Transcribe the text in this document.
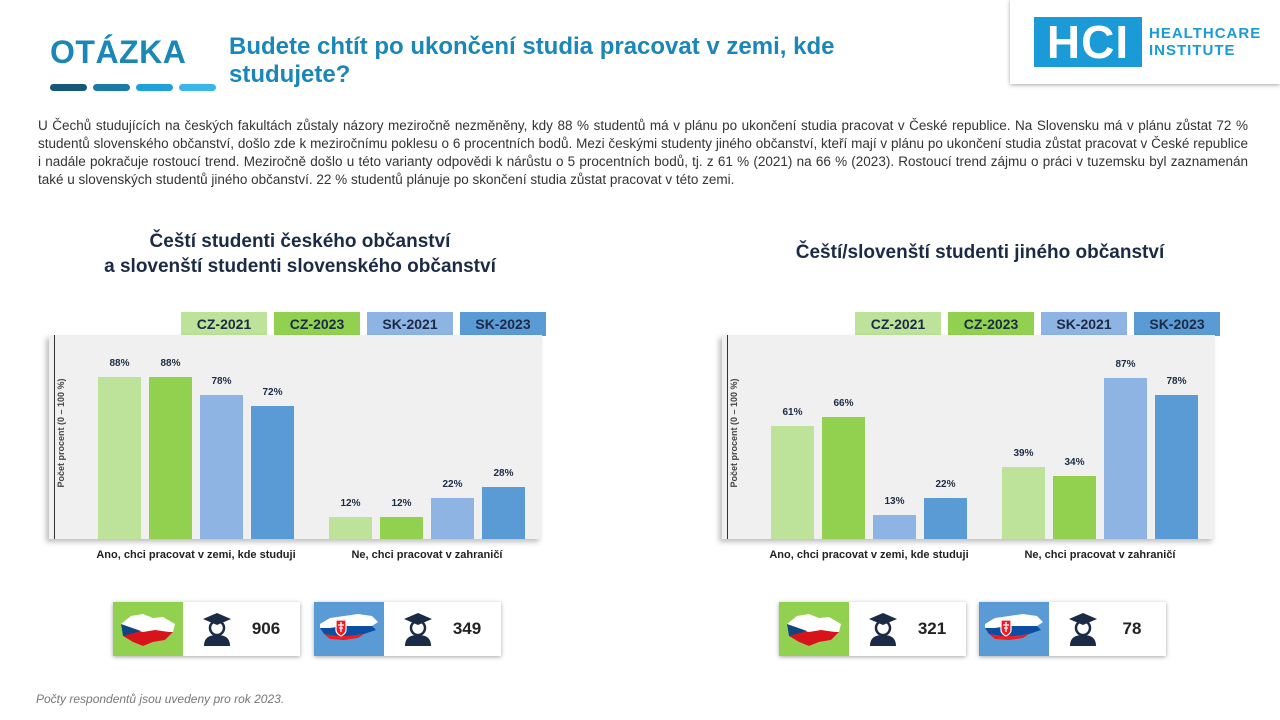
OTÁZKA Budete chtít po ukončení studia pracovat v zemi, kde studujete?
HCI	HEALTHCARE
INSTITUTE
U Čechů studujících na českých fakultách zůstaly názory meziročně nezměněny, kdy 88 % studentů má v plánu po ukončení studia pracovat v České republice. Na Slovensku má v plánu zůstat 72 % studentů slovenského občanství, došlo zde k meziročnímu poklesu o 6 procentních bodů. Mezi českými studenty jiného občanství, kteří mají v plánu po ukončení studia zůstat pracovat v České republice i nadále pokračuje rostoucí trend. Meziročně došlo u této varianty odpovědi k nárůstu o 5 procentních bodů, tj. z 61 % (2021) na 66 % (2023). Rostoucí trend zájmu o práci v tuzemsku byl zaznamenán také u slovenských studentů jiného občanství. 22 % studentů plánuje po skončení studia zůstat pracovat v této zemi.
Čeští studenti českého občanství
a slovenští studenti slovenského občanství
CZ-2021	CZ-2023	SK-2021	SK-2023
Počet procent (0 – 100 %)
88%	88%
78%
72%
Ano, chci pracovat v zemi, kde studuji
12%	12%
22%
28%
Ne, chci pracovat v zahraničí
Čeští/slovenští studenti jiného občanství
CZ-2021	CZ-2023	SK-2021	SK-2023
Počet procent (0 – 100 %)	61%
66%
13%
22%
Ano, chci pracovat v zemi, kde studuji
39%
34%
87%
78%
Ne, chci pracovat v zahraničí
906	349	321	78
Počty respondentů jsou uvedeny pro rok 2023.
